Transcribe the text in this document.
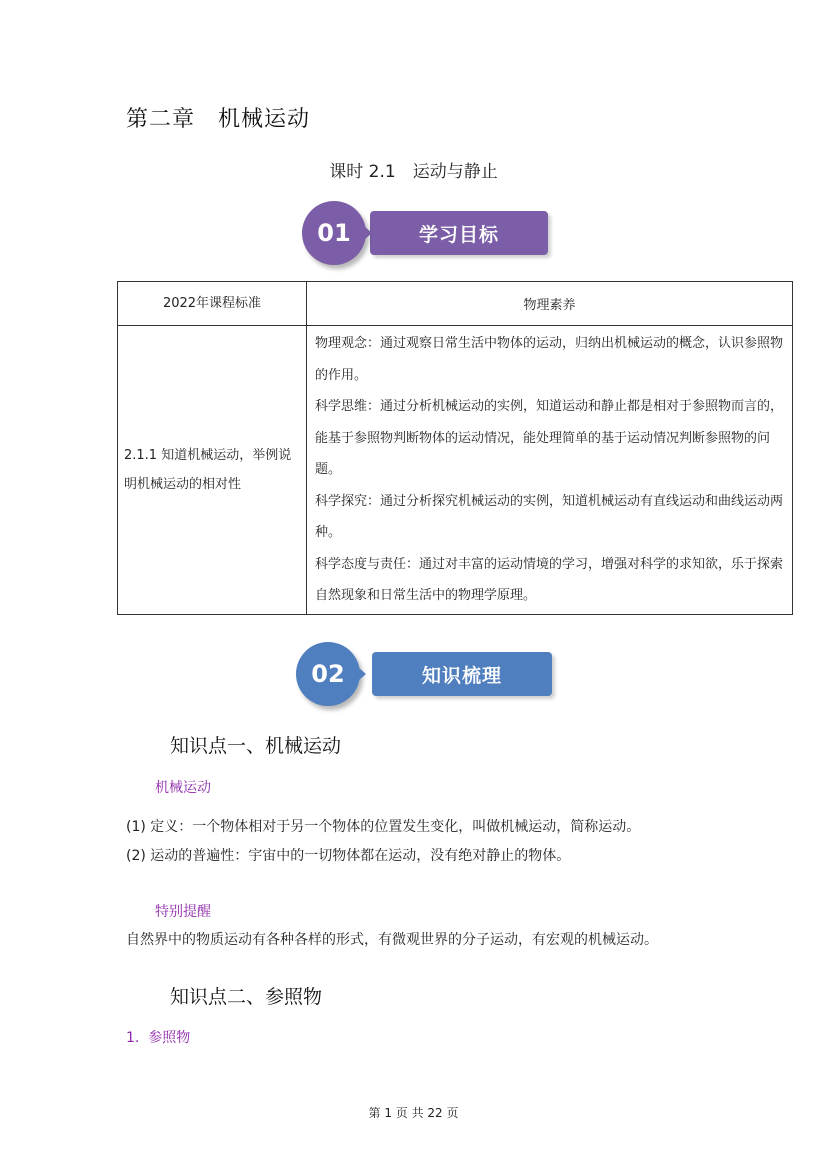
第二章　机械运动
课时 2.1　运动与静止
学习目标
01
2022年课程标准	物理素养
2.1.1 知道机械运动，举例说明机械运动的相对性	物理观念：通过观察日常生活中物体的运动，归纳出机械运动的概念，认识参照物的作用。

科学思维：通过分析机械运动的实例，知道运动和静止都是相对于参照物而言的，能基于参照物判断物体的运动情况，能处理简单的基于运动情况判断参照物的问题。

科学探究：通过分析探究机械运动的实例，知道机械运动有直线运动和曲线运动两种。

科学态度与责任：通过对丰富的运动情境的学习，增强对科学的求知欲，乐于探索自然现象和日常生活中的物理学原理。

知识梳理
02
知识点一、机械运动
机械运动
(1) 定义：一个物体相对于另一个物体的位置发生变化，叫做机械运动，简称运动。
(2) 运动的普遍性：宇宙中的一切物体都在运动，没有绝对静止的物体。
特别提醒
自然界中的物质运动有各种各样的形式，有微观世界的分子运动，有宏观的机械运动。
知识点二、参照物
1.  参照物
第 1 页 共 22 页
